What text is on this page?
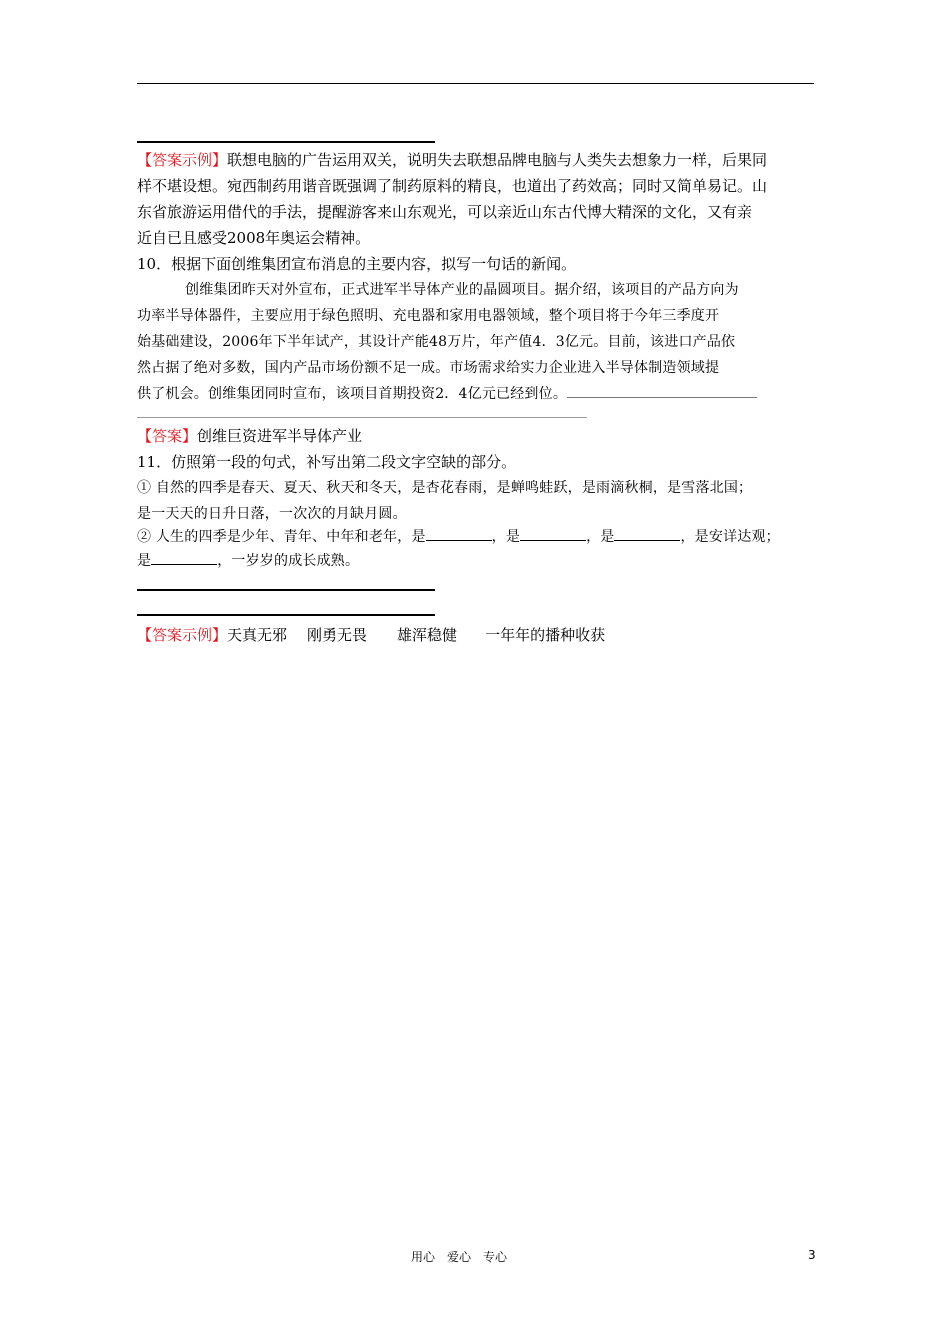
【答案示例】联想电脑的广告运用双关，说明失去联想品牌电脑与人类失去想象力一样，后果同
样不堪设想。宛西制药用谐音既强调了制药原料的精良，也道出了药效高；同时又简单易记。山
东省旅游运用借代的手法，提醒游客来山东观光，可以亲近山东古代博大精深的文化，又有亲
近自已且感受2008年奥运会精神。
10．根据下面创维集团宣布消息的主要内容，拟写一句话的新闻。
创维集团昨天对外宣布，正式进军半导体产业的晶圆项目。据介绍，该项目的产品方向为
功率半导体器件，主要应用于绿色照明、充电器和家用电器领域，整个项目将于今年三季度开
始基础建设，2006年下半年试产，其设计产能48万片，年产值4．3亿元。目前，该进口产品依
然占据了绝对多数，国内产品市场份额不足一成。市场需求给实力企业进入半导体制造领域提
供了机会。创维集团同时宣布，该项目首期投资2．4亿元已经到位。
【答案】创维巨资进军半导体产业
11．仿照第一段的句式，补写出第二段文字空缺的部分。
① 自然的四季是春天、夏天、秋天和冬天，是杏花春雨，是蝉鸣蛙跃，是雨滴秋桐，是雪落北国；
是一天天的日升日落，一次次的月缺月圆。
② 人生的四季是少年、青年、中年和老年，是	，是	，是	，是安详达观；
是	，一岁岁的成长成熟。
【答案示例】天真无邪 刚勇无畏 雄浑稳健 一年年的播种收获
用心 爱心 专心	3
